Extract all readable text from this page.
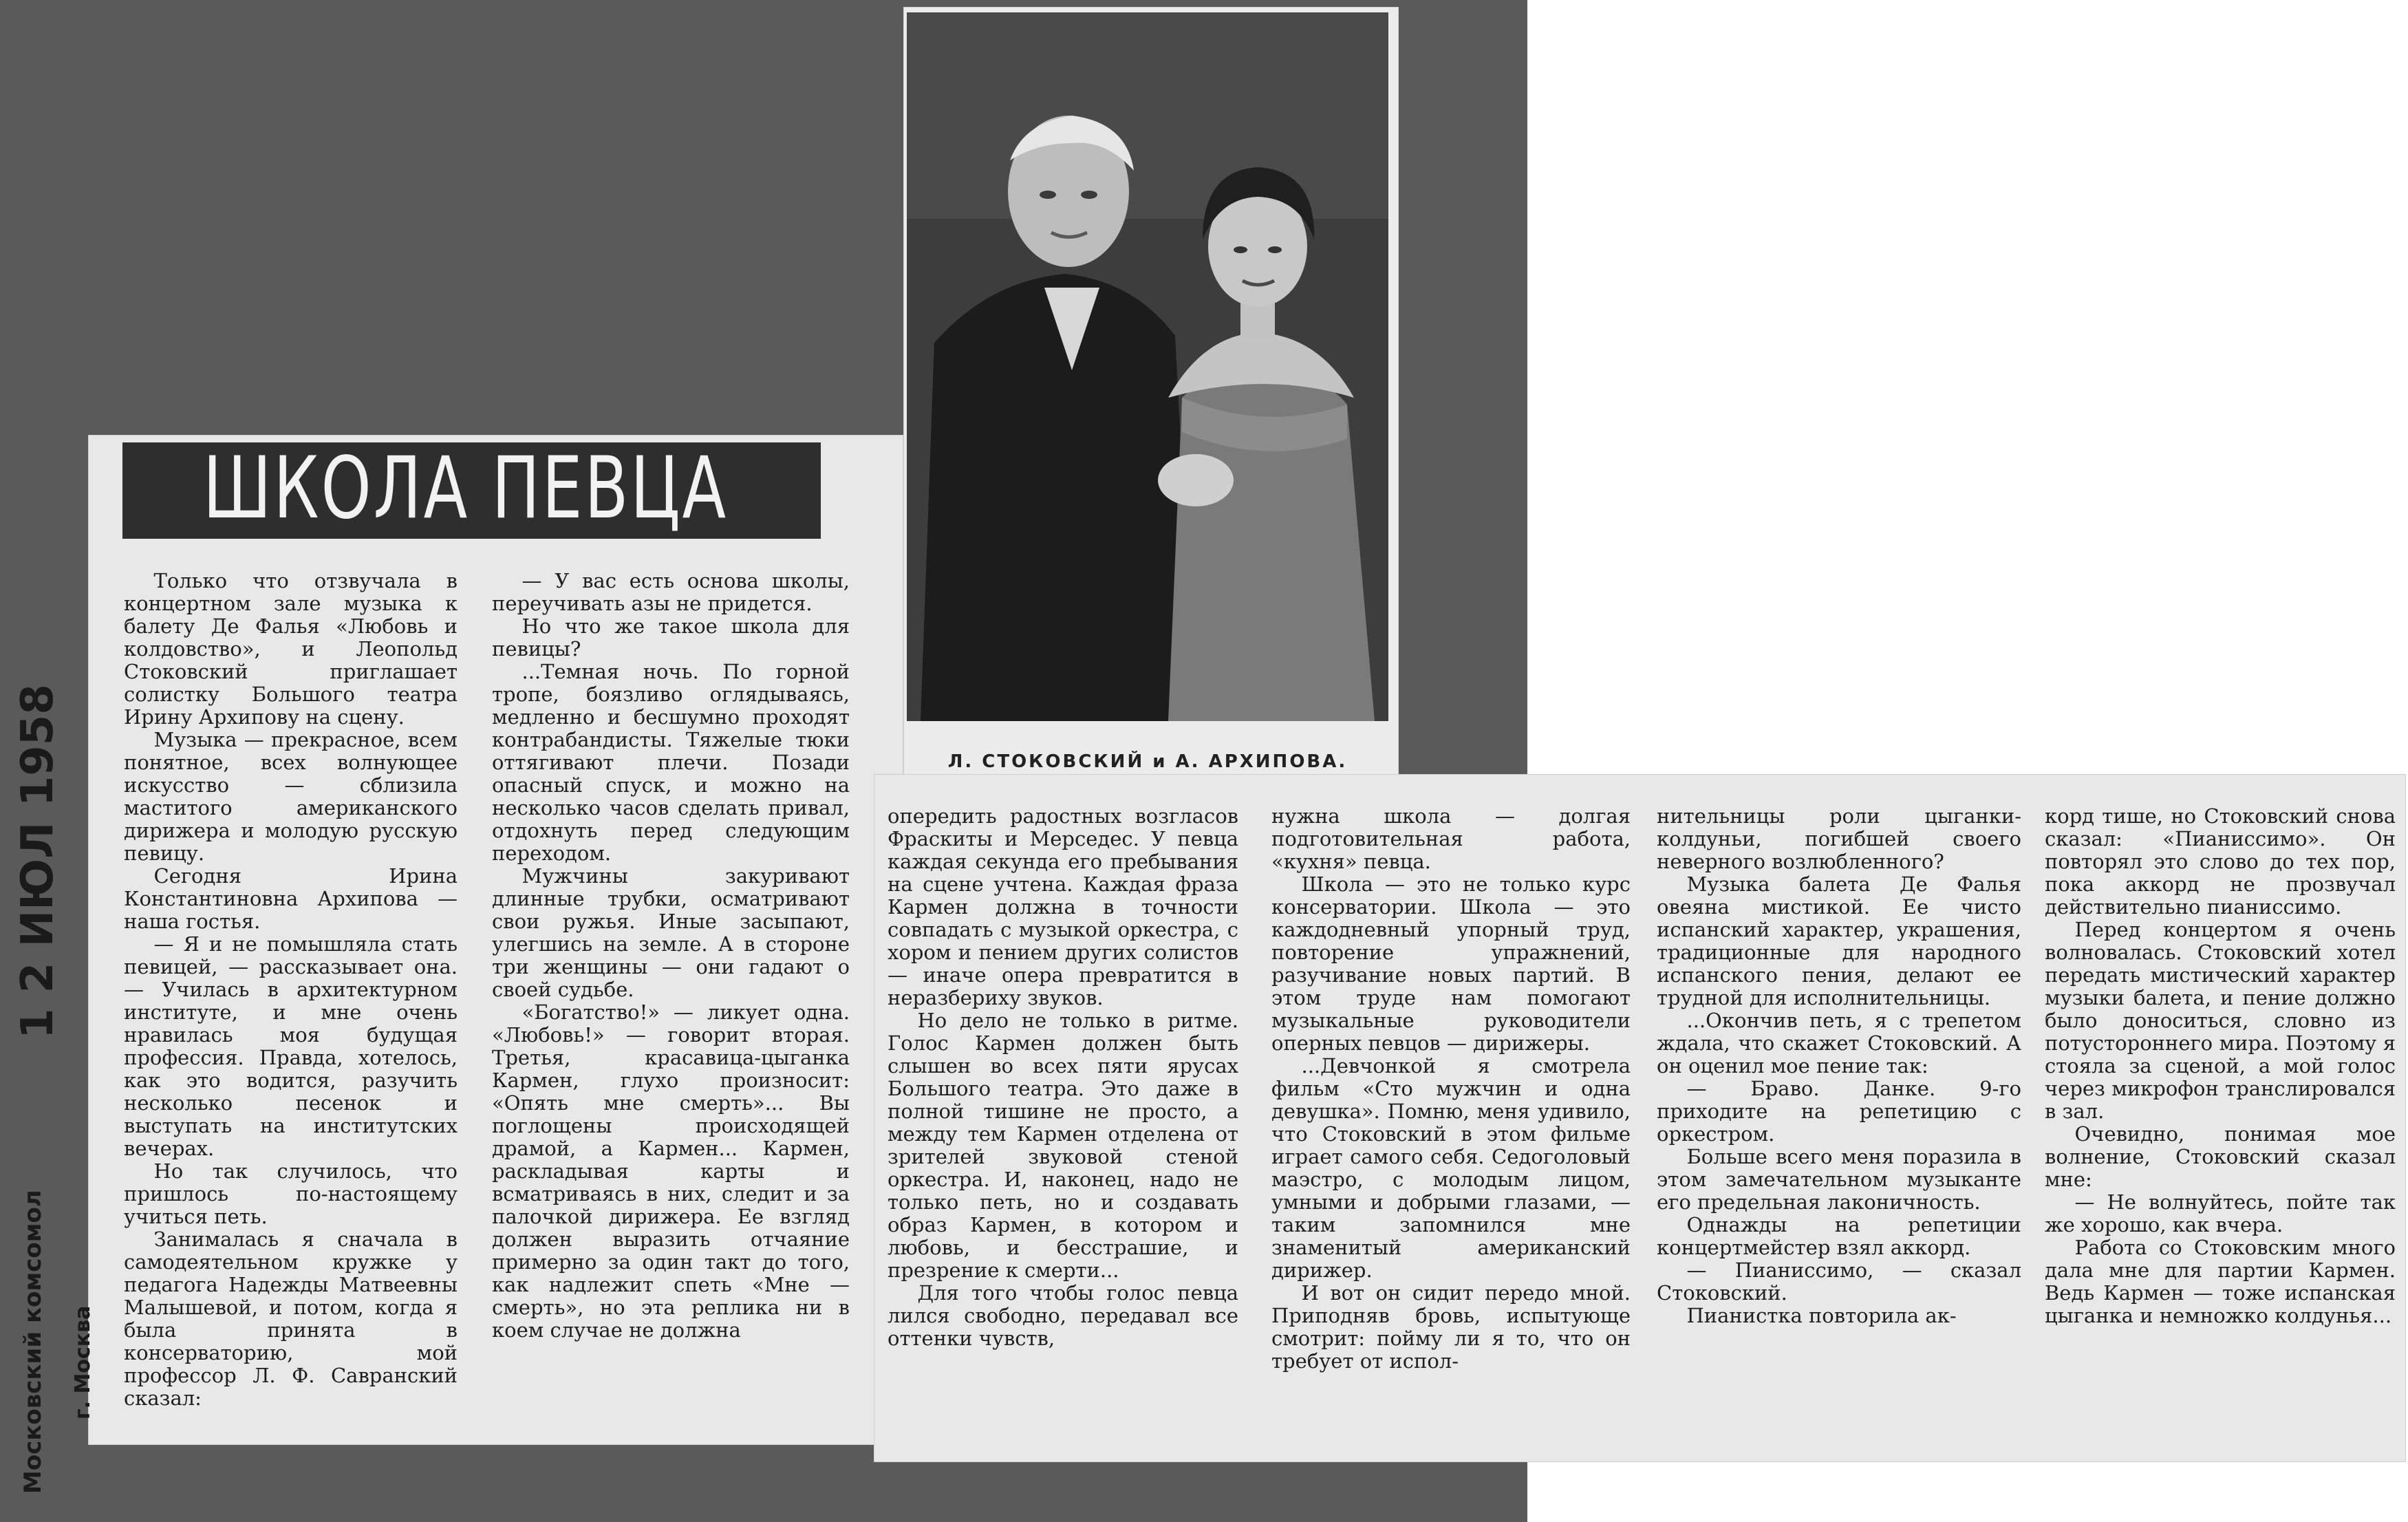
ШКОЛА ПЕВЦА
Л. СТОКОВСКИЙ и А. АРХИПОВА.

Только что отзвучала в концертном зале музыка к балету Де Фалья «Любовь и колдовство», и Леопольд Стоковский приглашает солистку Большого театра Ирину Архипову на сцену.

Музыка — прекрасное, всем понятное, всех волнующее искусство — сблизила маститого американского дирижера и молодую русскую певицу.

Сегодня Ирина Константиновна Архипова — наша гостья.

— Я и не помышляла стать певицей, — рассказывает она. — Училась в архитектурном институте, и мне очень нравилась моя будущая профессия. Правда, хотелось, как это водится, разучить несколько песенок и выступать на институтских вечерах.

Но так случилось, что пришлось по-настоящему учиться петь.

Занималась я сначала в самодеятельном кружке у педагога Надежды Матвеевны Малышевой, и потом, когда я была принята в консерваторию, мой профессор Л. Ф. Савранский сказал:

— У вас есть основа школы, переучивать азы не придется.

Но что же такое школа для певицы?

...Темная ночь. По горной тропе, боязливо оглядываясь, медленно и бесшумно проходят контрабандисты. Тяжелые тюки оттягивают плечи. Позади опасный спуск, и можно на несколько часов сделать привал, отдохнуть перед следующим переходом.

Мужчины закуривают длинные трубки, осматривают свои ружья. Иные засыпают, улегшись на земле. А в стороне три женщины — они гадают о своей судьбе.

«Богатство!» — ликует одна. «Любовь!» — говорит вторая. Третья, красавица-цыганка Кармен, глухо произносит: «Опять мне смерть»... Вы поглощены происходящей драмой, а Кармен... Кармен, раскладывая карты и всматриваясь в них, следит и за палочкой дирижера. Ее взгляд должен выразить отчаяние примерно за один такт до того, как надлежит спеть «Мне — смерть», но эта реплика ни в коем случае не должна

опередить радостных возгласов Фраскиты и Мерседес. У певца каждая секунда его пребывания на сцене учтена. Каждая фраза Кармен должна в точности совпадать с музыкой оркестра, с хором и пением других солистов — иначе опера превратится в неразбериху звуков.

Но дело не только в ритме. Голос Кармен должен быть слышен во всех пяти ярусах Большого театра. Это даже в полной тишине не просто, а между тем Кармен отделена от зрителей звуковой стеной оркестра. И, наконец, надо не только петь, но и создавать образ Кармен, в котором и любовь, и бесстрашие, и презрение к смерти...

Для того чтобы голос певца лился свободно, передавал все оттенки чувств,

нужна школа — долгая подготовительная работа, «кухня» певца.

Школа — это не только курс консерватории. Школа — это каждодневный упорный труд, повторение упражнений, разучивание новых партий. В этом труде нам помогают музыкальные руководители оперных певцов — дирижеры.

...Девчонкой я смотрела фильм «Сто мужчин и одна девушка». Помню, меня удивило, что Стоковский в этом фильме играет самого себя. Седоголовый маэстро, с молодым лицом, умными и добрыми глазами, — таким запомнился мне знаменитый американский дирижер.

И вот он сидит передо мной. Приподняв бровь, испытующе смотрит: пойму ли я то, что он требует от испол-

нительницы роли цыганки-колдуньи, погибшей своего неверного возлюбленного?

Музыка балета Де Фалья овеяна мистикой. Ее чисто испанский характер, украшения, традиционные для народного испанского пения, делают ее трудной для исполнительницы.

...Окончив петь, я с трепетом ждала, что скажет Стоковский. А он оценил мое пение так:

— Браво. Данке. 9-го приходите на репетицию с оркестром.

Больше всего меня поразила в этом замечательном музыканте его предельная лаконичность.

Однажды на репетиции концертмейстер взял аккорд.

— Пианиссимо, — сказал Стоковский.

Пианистка повторила ак-

корд тише, но Стоковский снова сказал: «Пианиссимо». Он повторял это слово до тех пор, пока аккорд не прозвучал действительно пианиссимо.

Перед концертом я очень волновалась. Стоковский хотел передать мистический характер музыки балета, и пение должно было доноситься, словно из потустороннего мира. Поэтому я стояла за сценой, а мой голос через микрофон транслировался в зал.

Очевидно, понимая мое волнение, Стоковский сказал мне:

— Не волнуйтесь, пойте так же хорошо, как вчера.

Работа со Стоковским много дала мне для партии Кармен. Ведь Кармен — тоже испанская цыганка и немножко колдунья...

1 2 ИЮЛ 1958
Московский комсомол	г. Москва
